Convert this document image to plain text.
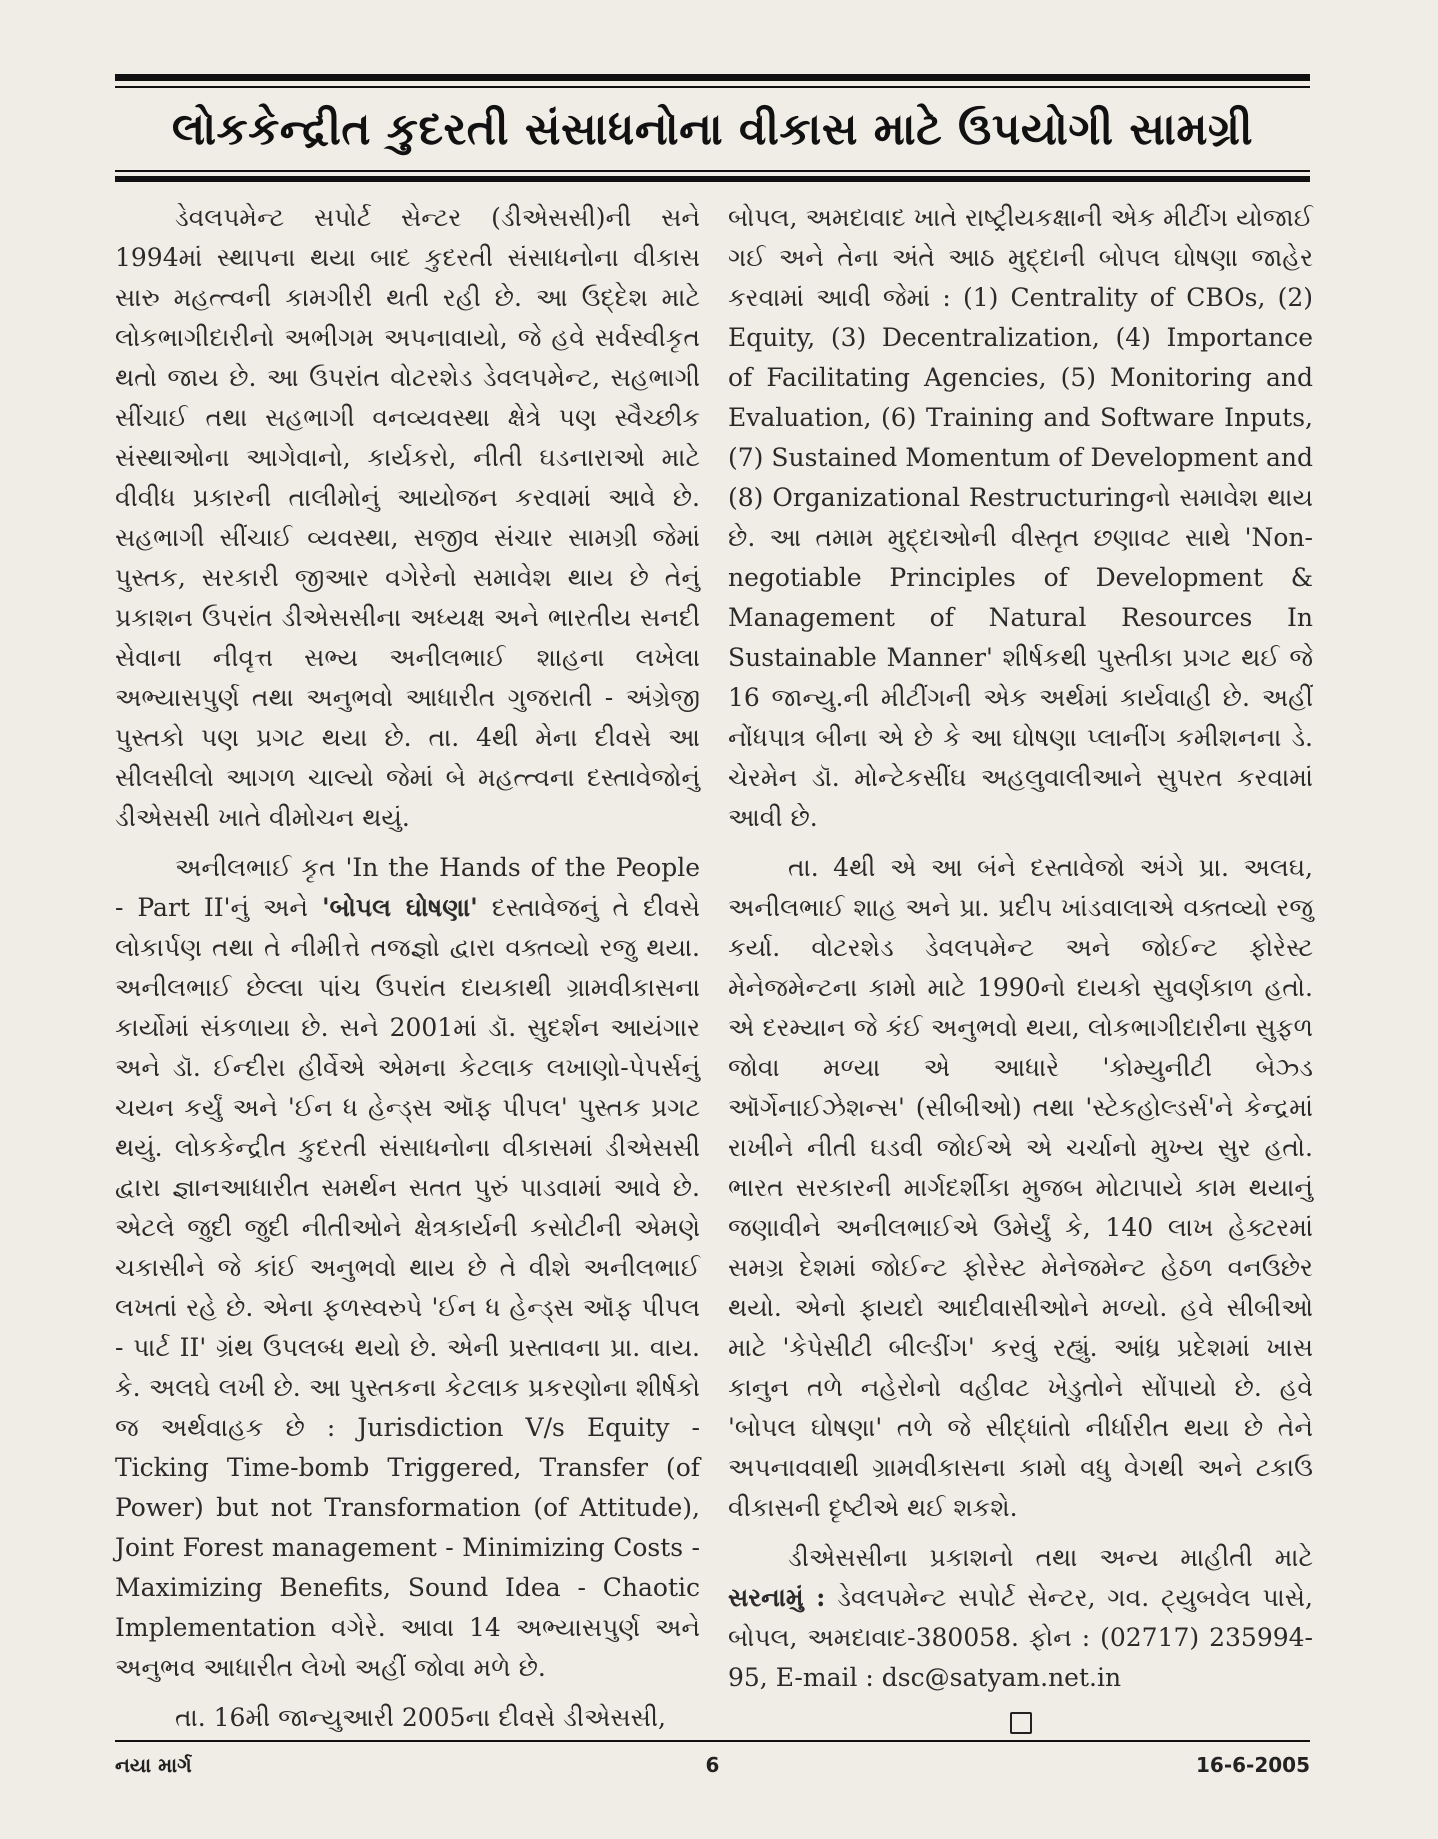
લોકકેન્દ્રીત કુદરતી સંસાધનોના વીકાસ માટે ઉપયોગી સામગ્રી

ડેવલપમેન્ટ સપોર્ટ સેન્ટર (ડીએસસી)ની સને 1994માં સ્થાપના થયા બાદ કુદરતી સંસાધનોના વીકાસ સારુ મહત્ત્વની કામગીરી થતી રહી છે. આ ઉદ્દેશ માટે લોકભાગીદારીનો અભીગમ અપનાવાયો, જે હવે સર્વસ્વીકૃત થતો જાય છે. આ ઉપરાંત વોટરશેડ ડેવલપમેન્ટ, સહભાગી સીંચાઈ તથા સહભાગી વનવ્યવસ્થા ક્ષેત્રે પણ સ્વૈચ્છીક સંસ્થાઓના આગેવાનો, કાર્યકરો, નીતી ઘડનારાઓ માટે વીવીધ પ્રકારની તાલીમોનું આયોજન કરવામાં આવે છે. સહભાગી સીંચાઈ વ્યવસ્થા, સજીવ સંચાર સામગ્રી જેમાં પુસ્તક, સરકારી જીઆર વગેરેનો સમાવેશ થાય છે તેનું પ્રકાશન ઉપરાંત ડીએસસીના અધ્યક્ષ અને ભારતીય સનદી સેવાના નીવૃત્ત સભ્ય અનીલભાઈ શાહના લખેલા અભ્યાસપુર્ણ તથા અનુભવો આધારીત ગુજરાતી - અંગ્રેજી પુસ્તકો પણ પ્રગટ થયા છે. તા. 4થી મેના દીવસે આ સીલસીલો આગળ ચાલ્યો જેમાં બે મહત્ત્વના દસ્તાવેજોનું ડીએસસી ખાતે વીમોચન થયું.

અનીલભાઈ કૃત 'In the Hands of the People - Part II'નું અને 'બોપલ ઘોષણા' દસ્તાવેજનું તે દીવસે લોકાર્પણ તથા તે નીમીત્તે તજજ્ઞો દ્વારા વક્તવ્યો રજુ થયા. અનીલભાઈ છેલ્લા પાંચ ઉપરાંત દાયકાથી ગ્રામવીકાસના કાર્યોમાં સંકળાયા છે. સને 2001માં ડૉ. સુદર્શન આયંગાર અને ડૉ. ઈન્દીરા હીર્વેએ એમના કેટલાક લખાણો-પેપર્સનું ચયન કર્યું અને 'ઈન ધ હેન્ડ્સ ઑફ પીપલ' પુસ્તક પ્રગટ થયું. લોકકેન્દ્રીત કુદરતી સંસાધનોના વીકાસમાં ડીએસસી દ્વારા જ્ઞાનઆધારીત સમર્થન સતત પુરું પાડવામાં આવે છે. એટલે જુદી જુદી નીતીઓને ક્ષેત્રકાર્યની કસોટીની એમણે ચકાસીને જે કાંઈ અનુભવો થાય છે તે વીશે અનીલભાઈ લખતાં રહે છે. એના ફળસ્વરુપે 'ઈન ધ હેન્ડ્સ ઑફ પીપલ - પાર્ટ II' ગ્રંથ ઉપલબ્ધ થયો છે. એની પ્રસ્તાવના પ્રા. વાય. કે. અલઘે લખી છે. આ પુસ્તકના કેટલાક પ્રકરણોના શીર્ષકો જ અર્થવાહક છે : Jurisdiction V/s Equity - Ticking Time-bomb Triggered, Transfer (of Power) but not Transformation (of Attitude), Joint Forest management - Minimizing Costs - Maximizing Benefits, Sound Idea - Chaotic Implementation વગેરે. આવા 14 અભ્યાસપુર્ણ અને અનુભવ આધારીત લેખો અહીં જોવા મળે છે.

તા. 16મી જાન્યુઆરી 2005ના દીવસે ડીએસસી,

બોપલ, અમદાવાદ ખાતે રાષ્ટ્રીયકક્ષાની એક મીટીંગ યોજાઈ ગઈ અને તેના અંતે આઠ મુદ્દાની બોપલ ઘોષણા જાહેર કરવામાં આવી જેમાં : (1) Centrality of CBOs, (2) Equity, (3) Decentralization, (4) Importance of Facilitating Agencies, (5) Monitoring and Evaluation, (6) Training and Software Inputs, (7) Sustained Momentum of Development and (8) Organizational Restructuringનો સમાવેશ થાય છે. આ તમામ મુદ્દાઓની વીસ્તૃત છણાવટ સાથે 'Non-negotiable Principles of Development & Management of Natural Resources In Sustainable Manner' શીર્ષકથી પુસ્તીકા પ્રગટ થઈ જે 16 જાન્યુ.ની મીટીંગની એક અર્થમાં કાર્યવાહી છે. અહીં નોંધપાત્ર બીના એ છે કે આ ઘોષણા પ્લાનીંગ કમીશનના ડે. ચેરમેન ડૉ. મોન્ટેકસીંઘ અહલુવાલીઆને સુપરત કરવામાં આવી છે.

તા. 4થી એ આ બંને દસ્તાવેજો અંગે પ્રા. અલઘ, અનીલભાઈ શાહ અને પ્રા. પ્રદીપ ખાંડવાલાએ વક્તવ્યો રજુ કર્યા. વોટરશેડ ડેવલપમેન્ટ અને જોઈન્ટ ફોરેસ્ટ મેનેજમેન્ટના કામો માટે 1990નો દાયકો સુવર્ણકાળ હતો. એ દરમ્યાન જે કંઈ અનુભવો થયા, લોકભાગીદારીના સુફળ જોવા મળ્યા એ આધારે 'કોમ્યુનીટી બેઝ્ડ ઑર્ગેનાઈઝેશન્સ' (સીબીઓ) તથા 'સ્ટેકહોલ્ડર્સ'ને કેન્દ્રમાં રાખીને નીતી ઘડવી જોઈએ એ ચર્ચાનો મુખ્ય સુર હતો. ભારત સરકારની માર્ગદર્શીકા મુજબ મોટાપાયે કામ થયાનું જણાવીને અનીલભાઈએ ઉમેર્યું કે, 140 લાખ હેક્ટરમાં સમગ્ર દેશમાં જોઈન્ટ ફોરેસ્ટ મેનેજમેન્ટ હેઠળ વનઉછેર થયો. એનો ફાયદો આદીવાસીઓને મળ્યો. હવે સીબીઓ માટે 'કેપેસીટી બીલ્ડીંગ' કરવું રહ્યું. આંધ્ર પ્રદેશમાં ખાસ કાનુન તળે નહેરોનો વહીવટ ખેડુતોને સોંપાયો છે. હવે 'બોપલ ઘોષણા' તળે જે સીદ્ધાંતો નીર્ધારીત થયા છે તેને અપનાવવાથી ગ્રામવીકાસના કામો વધુ વેગથી અને ટકાઉ વીકાસની દૃષ્ટીએ થઈ શકશે.

ડીએસસીના પ્રકાશનો તથા અન્ય માહીતી માટે સરનામું : ડેવલપમેન્ટ સપોર્ટ સેન્ટર, ગવ. ટ્યુબવેલ પાસે, બોપલ, અમદાવાદ-380058. ફોન : (02717) 235994-95, E-mail : dsc@satyam.net.in

નયા માર્ગ	6	16-6-2005
